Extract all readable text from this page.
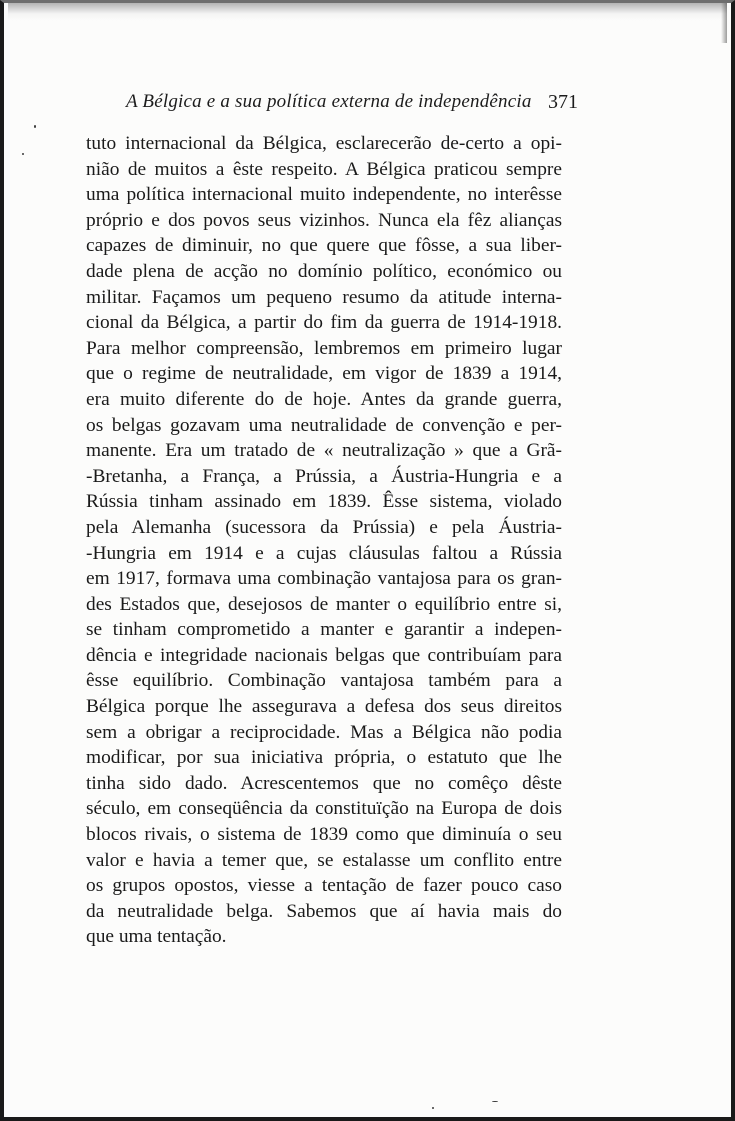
A Bélgica e a sua política externa de independência 371
tuto internacional da Bélgica, esclarecerão de-certo a opi-
nião de muitos a êste respeito. A Bélgica praticou sempre
uma política internacional muito independente, no interêsse
próprio e dos povos seus vizinhos. Nunca ela fêz alianças
capazes de diminuir, no que quere que fôsse, a sua liber-
dade plena de acção no domínio político, económico ou
militar. Façamos um pequeno resumo da atitude interna-
cional da Bélgica, a partir do fim da guerra de 1914-1918.
Para melhor compreensão, lembremos em primeiro lugar
que o regime de neutralidade, em vigor de 1839 a 1914,
era muito diferente do de hoje. Antes da grande guerra,
os belgas gozavam uma neutralidade de convenção e per-
manente. Era um tratado de « neutralização » que a Grã-
-Bretanha, a França, a Prússia, a Áustria-Hungria e a
Rússia tinham assinado em 1839. Êsse sistema, violado
pela Alemanha (sucessora da Prússia) e pela Áustria-
-Hungria em 1914 e a cujas cláusulas faltou a Rússia
em 1917, formava uma combinação vantajosa para os gran-
des Estados que, desejosos de manter o equilíbrio entre si,
se tinham comprometido a manter e garantir a indepen-
dência e integridade nacionais belgas que contribuíam para
êsse equilíbrio. Combinação vantajosa também para a
Bélgica porque lhe assegurava a defesa dos seus direitos
sem a obrigar a reciprocidade. Mas a Bélgica não podia
modificar, por sua iniciativa própria, o estatuto que lhe
tinha sido dado. Acrescentemos que no comêço dêste
século, em conseqüência da constituïção na Europa de dois
blocos rivais, o sistema de 1839 como que diminuía o seu
valor e havia a temer que, se estalasse um conflito entre
os grupos opostos, viesse a tentação de fazer pouco caso
da neutralidade belga. Sabemos que aí havia mais do
que uma tentação.
